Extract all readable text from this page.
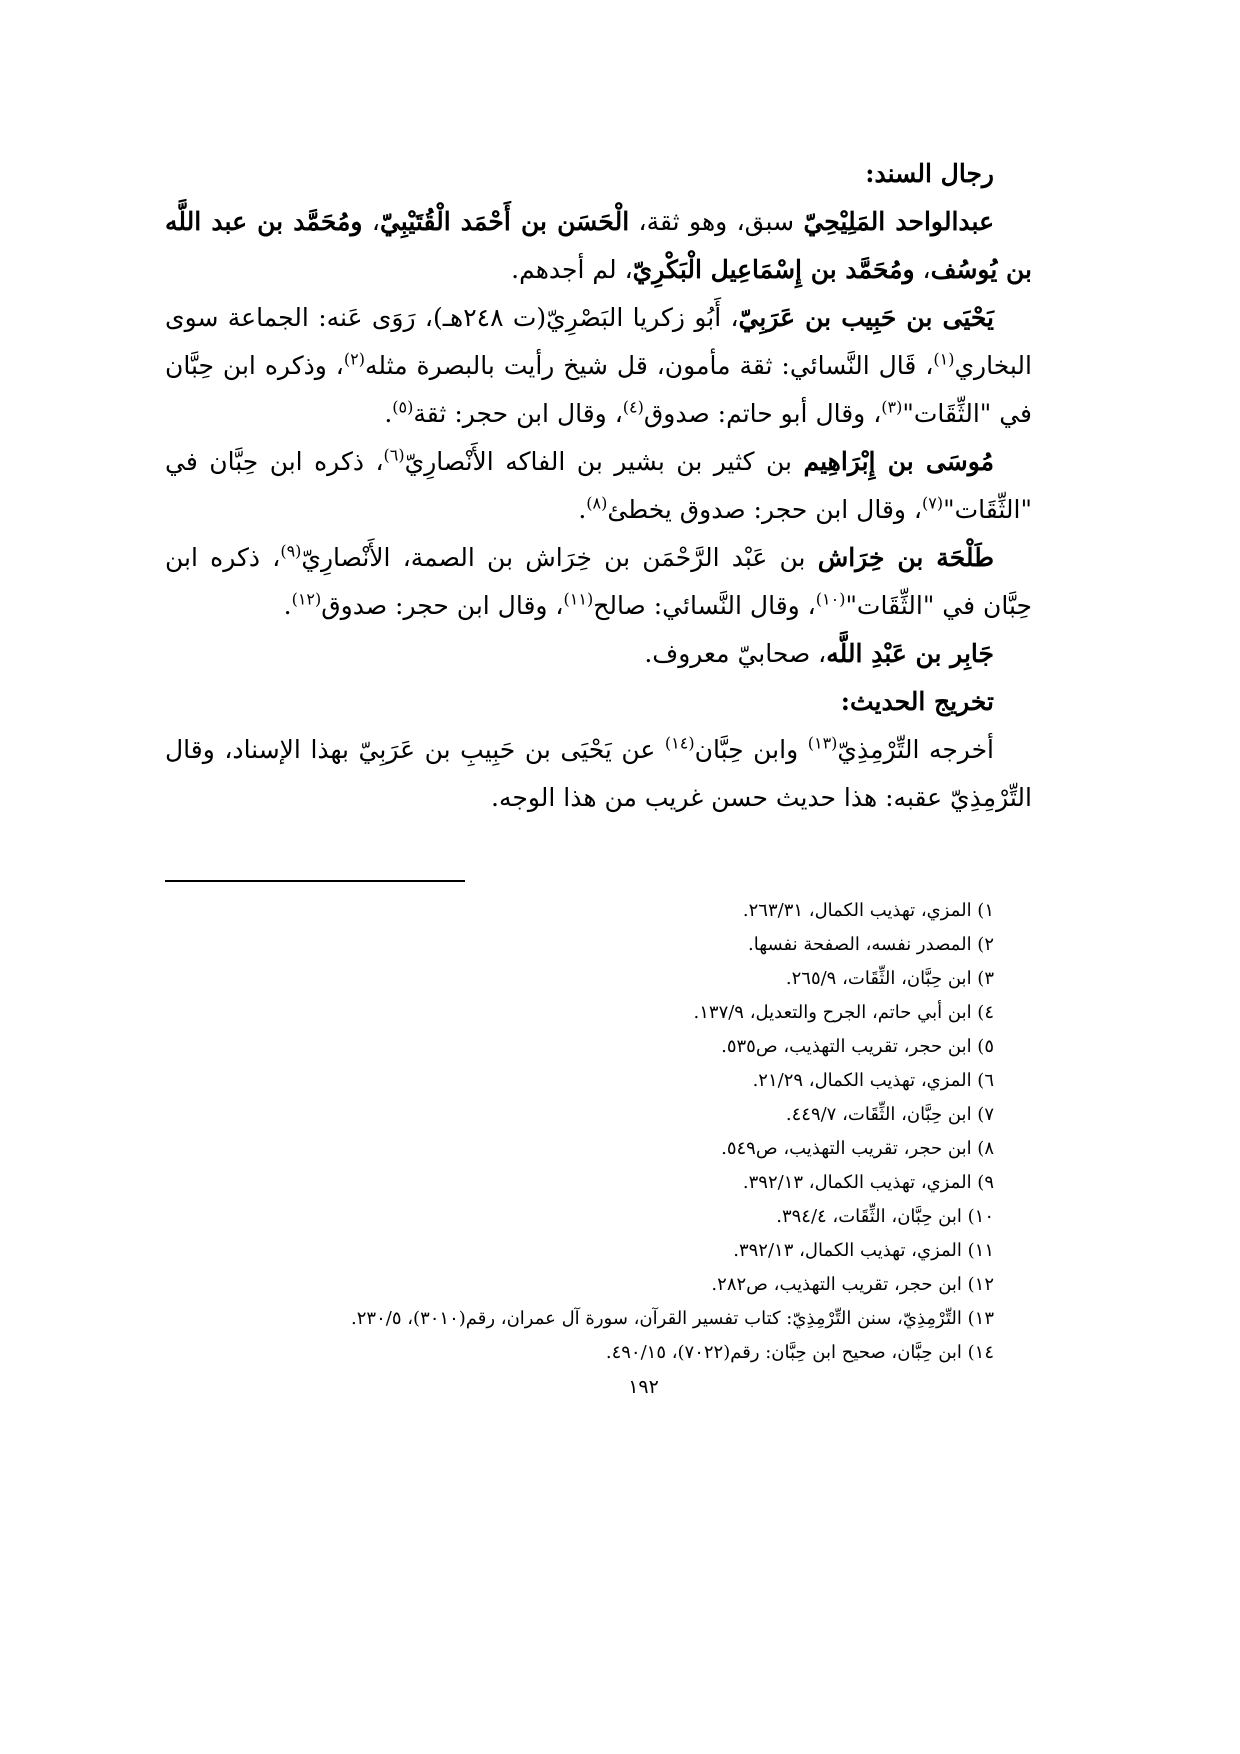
رجال السند:

عبدالواحد المَلِيْحِيّ سبق، وهو ثقة، الْحَسَن بن أَحْمَد الْقُتَيْبِيّ، ومُحَمَّد بن عبد اللَّه بن يُوسُف، ومُحَمَّد بن إِسْمَاعِيل الْبَكْرِيّ، لم أجدهم.

يَحْيَى بن حَبِيب بن عَرَبِيّ، أَبُو زكريا البَصْرِيّ(ت ٢٤٨هـ)، رَوَى عَنه: الجماعة سوى البخاري$^{(١)}$، قَال النَّسائي: ثقة مأمون، قل شيخ رأيت بالبصرة مثله$^{(٢)}$، وذكره ابن حِبَّان في "الثِّقَات"$^{(٣)}$، وقال أبو حاتم: صدوق$^{(٤)}$، وقال ابن حجر: ثقة$^{(٥)}$.

مُوسَى بن إِبْرَاهِيم بن كثير بن بشير بن الفاكه الأَنْصارِيّ$^{(٦)}$، ذكره ابن حِبَّان في "الثِّقَات"$^{(٧)}$، وقال ابن حجر: صدوق يخطئ$^{(٨)}$.

طَلْحَة بن خِرَاش بن عَبْد الرَّحْمَن بن خِرَاش بن الصمة، الأَنْصارِيّ$^{(٩)}$، ذكره ابن حِبَّان في "الثِّقَات"$^{(١٠)}$، وقال النَّسائي: صالح$^{(١١)}$، وقال ابن حجر: صدوق$^{(١٢)}$.

جَابِر بن عَبْدِ اللَّه، صحابيّ معروف.

تخريج الحديث:

أخرجه التِّرْمِذِيّ$^{(١٣)}$ وابن حِبَّان$^{(١٤)}$ عن يَحْيَى بن حَبِيبِ بن عَرَبِيّ بهذا الإسناد، وقال التِّرْمِذِيّ عقبه: هذا حديث حسن غريب من هذا الوجه.

١) المزي، تهذيب الكمال، ٢٦٣/٣١.
٢) المصدر نفسه، الصفحة نفسها.
٣) ابن حِبَّان، الثِّقَات، ٢٦٥/٩.
٤) ابن أبي حاتم، الجرح والتعديل، ١٣٧/٩.
٥) ابن حجر، تقريب التهذيب، ص٥٣٥.
٦) المزي، تهذيب الكمال، ٢١/٢٩.
٧) ابن حِبَّان، الثِّقَات، ٤٤٩/٧.
٨) ابن حجر، تقريب التهذيب، ص٥٤٩.
٩) المزي، تهذيب الكمال، ٣٩٢/١٣.
١٠) ابن حِبَّان، الثِّقَات، ٣٩٤/٤.
١١) المزي، تهذيب الكمال، ٣٩٢/١٣.
١٢) ابن حجر، تقريب التهذيب، ص٢٨٢.
١٣) التِّرْمِذِيّ، سنن التِّرْمِذِيّ: كتاب تفسير القرآن، سورة آل عمران، رقم(٣٠١٠)، ٢٣٠/٥.
١٤) ابن حِبَّان، صحيح ابن حِبَّان: رقم(٧٠٢٢)، ٤٩٠/١٥.
١٩٢
